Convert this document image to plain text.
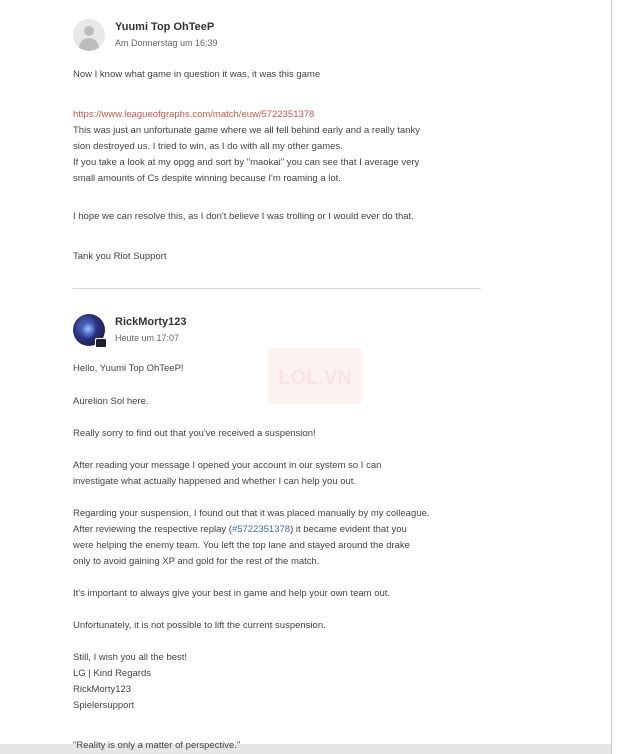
Yuumi Top OhTeeP
Am Donnerstag um 16:39
Now I know what game in question it was, it was this game
https://www.leagueofgraphs.com/match/euw/5722351378
This was just an unfortunate game where we all fell behind early and a really tanky
sion destroyed us. I tried to win, as I do with all my other games.
If you take a look at my opgg and sort by "maokai" you can see that I average very
small amounts of Cs despite winning because I'm roaming a lot.
I hope we can resolve this, as I don't believe I was trolling or I would ever do that.
Tank you Riot Support
RickMorty123
Heute um 17:07
LOL.VN
Hello, Yuumi Top OhTeeP!
Aurelion Sol here.
Really sorry to find out that you've received a suspension!
After reading your message I opened your account in our system so I can
investigate what actually happened and whether I can help you out.
Regarding your suspension, I found out that it was placed manually by my colleague.
After reviewing the respective replay (#5722351378) it became evident that you
were helping the enemy team. You left the top lane and stayed around the drake
only to avoid gaining XP and gold for the rest of the match.
It's important to always give your best in game and help your own team out.
Unfortunately, it is not possible to lift the current suspension.
Still, I wish you all the best!
LG | Kind Regards
RickMorty123
Spielersupport
"Reality is only a matter of perspective."
